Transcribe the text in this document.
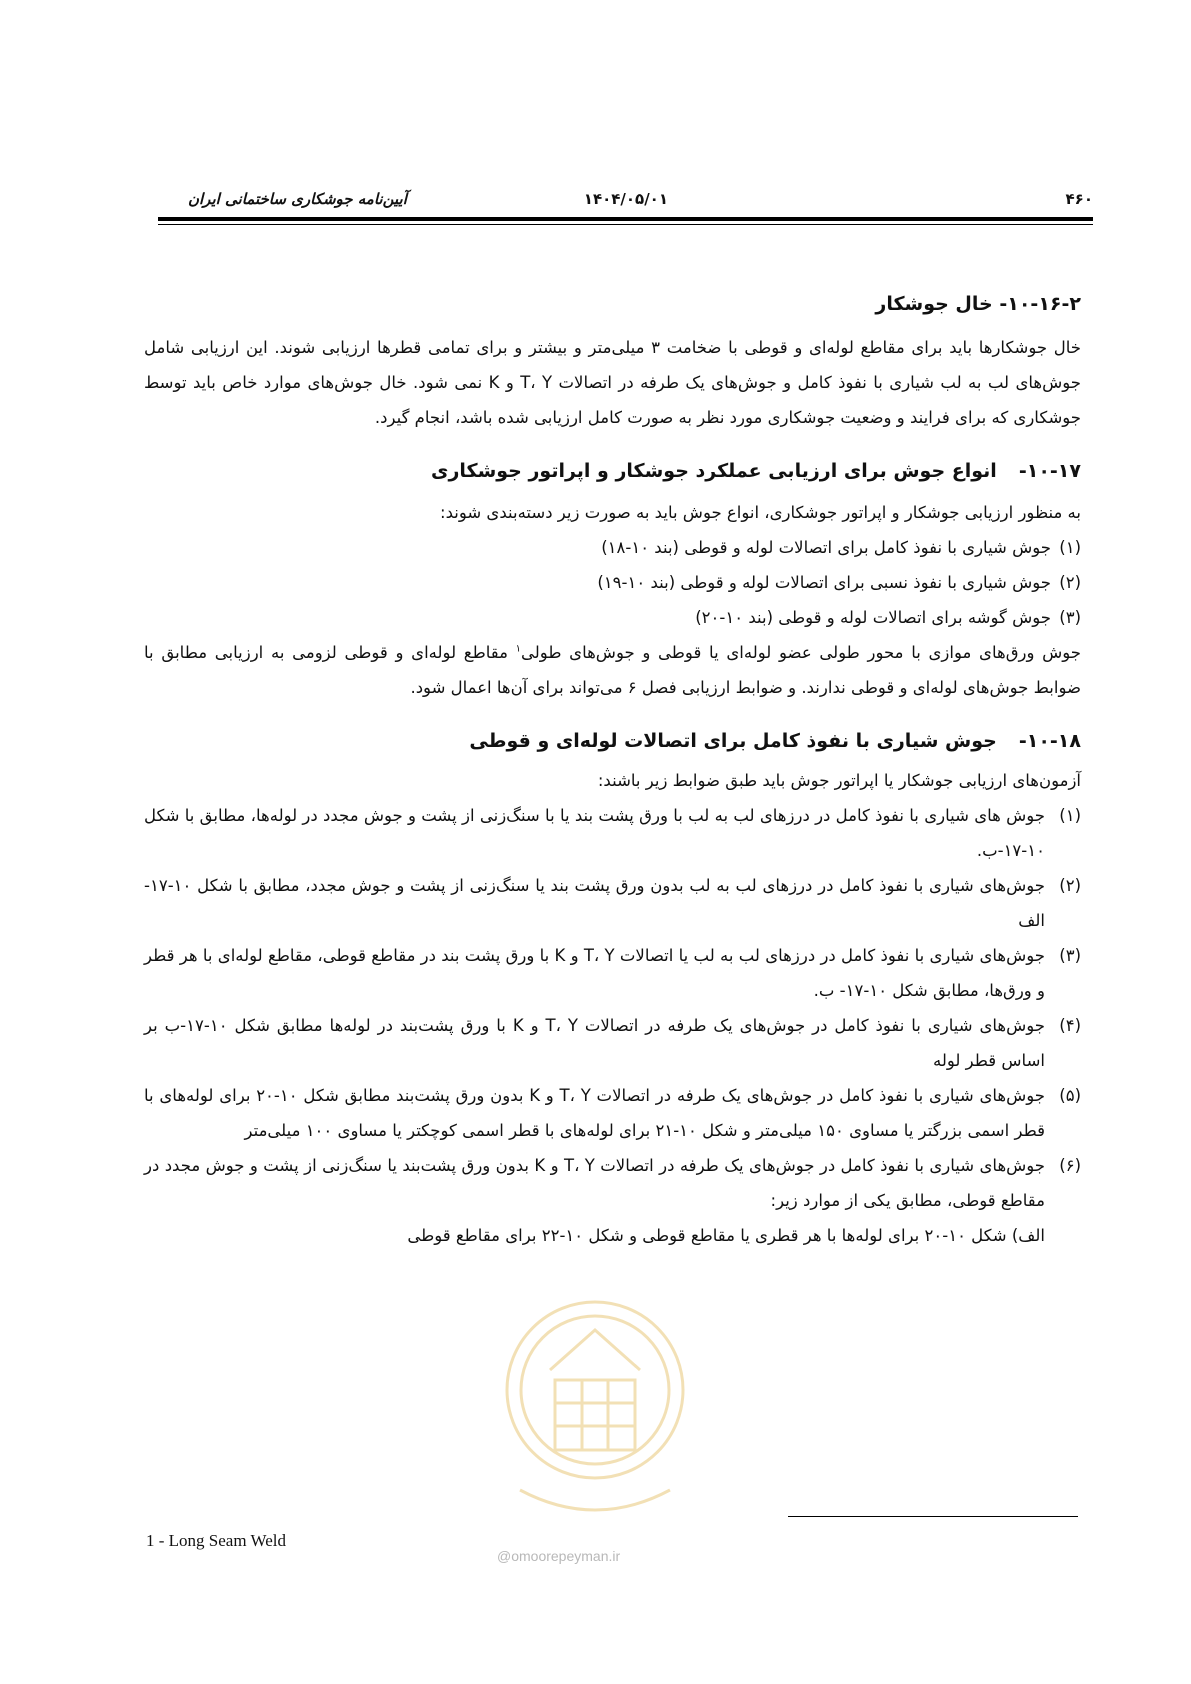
۴۶۰
۱۴۰۴/۰۵/۰۱
آیین‌نامه جوشکاری ساختمانی ایران

۱۰-۱۶-۲- خال جوشکار

خال جوشکارها باید برای مقاطع لوله‌ای و قوطی با ضخامت ۳ میلی‌متر و بیشتر و برای تمامی قطرها ارزیابی شوند. این ارزیابی شامل جوش‌های لب به لب شیاری با نفوذ کامل و جوش‌های یک طرفه در اتصالات T، Y و K نمی شود. خال جوش‌های موارد خاص باید توسط جوشکاری که برای فرایند و وضعیت جوشکاری مورد نظر به صورت کامل ارزیابی شده باشد، انجام گیرد.

۱۰-۱۷-انواع جوش برای ارزیابی عملکرد جوشکار و اپراتور جوشکاری

به منظور ارزیابی جوشکار و اپراتور جوشکاری، انواع جوش باید به صورت زیر دسته‌بندی شوند:

(۱)
جوش شیاری با نفوذ کامل برای اتصالات لوله و قوطی (بند ۱۰-۱۸)

(۲)
جوش شیاری با نفوذ نسبی برای اتصالات لوله و قوطی (بند ۱۰-۱۹)

(۳)
جوش گوشه برای اتصالات لوله و قوطی (بند ۱۰-۲۰)

جوش ورق‌های موازی با محور طولی عضو لوله‌ای یا قوطی و جوش‌های طولی$^۱$ مقاطع لوله‌ای و قوطی لزومی به ارزیابی مطابق با ضوابط جوش‌های لوله‌ای و قوطی ندارند. و ضوابط ارزیابی فصل ۶ می‌تواند برای آن‌ها اعمال شود.

۱۰-۱۸-جوش شیاری با نفوذ کامل برای اتصالات لوله‌ای و قوطی

آزمون‌های ارزیابی جوشکار یا اپراتور جوش باید طبق ضوابط زیر باشند:

(۱)
جوش های شیاری با نفوذ کامل در درزهای لب به لب با ورق پشت بند یا با سنگ‌زنی از پشت و جوش مجدد در لوله‌ها، مطابق با شکل ۱۰-۱۷-ب.

(۲)
جوش‌های شیاری با نفوذ کامل در درزهای لب به لب بدون ورق پشت بند یا سنگ‌زنی از پشت و جوش مجدد، مطابق با شکل ۱۰-۱۷-الف

(۳)
جوش‌های شیاری با نفوذ کامل در درزهای لب به لب یا اتصالات T، Y و K با ورق پشت بند در مقاطع قوطی، مقاطع لوله‌ای با هر قطر و ورق‌ها، مطابق شکل ۱۰-۱۷- ب.

(۴)
جوش‌های شیاری با نفوذ کامل در جوش‌های یک طرفه در اتصالات T، Y و K با ورق پشت‌بند در لوله‌ها مطابق شکل ۱۰-۱۷-ب بر اساس قطر لوله

(۵)
جوش‌های شیاری با نفوذ کامل در جوش‌های یک طرفه در اتصالات T، Y و K بدون ورق پشت‌بند مطابق شکل ۱۰-۲۰ برای لوله‌های با قطر اسمی بزرگتر یا مساوی ۱۵۰ میلی‌متر و شکل ۱۰-۲۱ برای لوله‌های با قطر اسمی کوچکتر یا مساوی ۱۰۰ میلی‌متر

(۶)
جوش‌های شیاری با نفوذ کامل در جوش‌های یک طرفه در اتصالات T، Y و K بدون ورق پشت‌بند یا سنگ‌زنی از پشت و جوش مجدد در مقاطع قوطی، مطابق یکی از موارد زیر:

الف) شکل ۱۰-۲۰ برای لوله‌ها با هر قطری یا مقاطع قوطی و شکل ۱۰-۲۲ برای مقاطع قوطی

1 - Long Seam Weld
@omoorepeyman.ir
